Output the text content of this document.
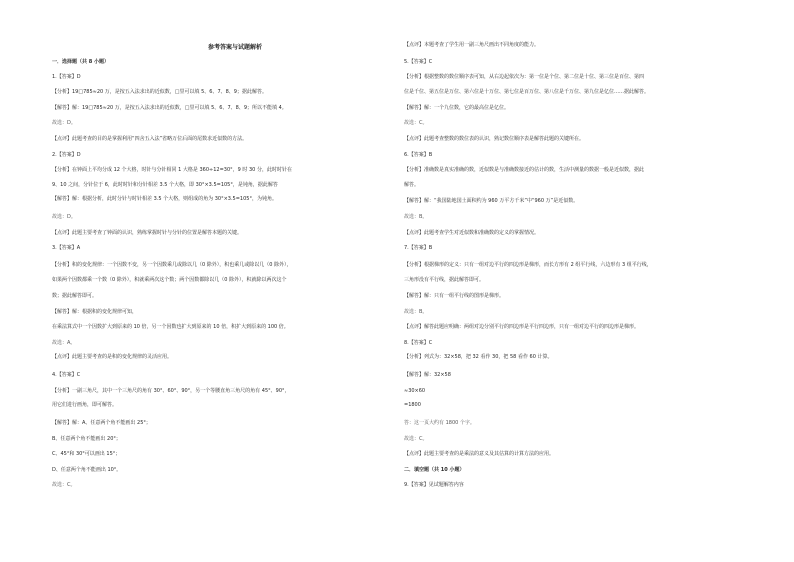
参考答案与试题解析
一．选择题（共 8 小题）
1.【答案】D
【分析】19□785≈20 万，是按五入法求出的近似数，□里可以填 5、6、7、8、9；据此解答。
【解答】解：19□785≈20 万，是按五入法求出的近似数，□里可以填 5、6、7、8、9；所以不能填 4。
故选：D。
【点评】此题考查的目的是掌握利用“四舍五入法”省略万位后面的尾数求近似数的方法。
2.【答案】D
【分析】在钟面上平均分成 12 个大格，时针与分针相同 1 大格是 360÷12=30°，9 时 30 分，此时时针在
9、10 之间，分针位于 6，此时时针和分针相差 3.5 个大格，即 30°×3.5=105°，是钝角，据此解答
【解答】解：根据分析，此时分针与时针相差 3.5 个大格，则组成的角为 30°×3.5=105°，为钝角。
故选：D。
【点评】此题主要考查了钟面的认识，熟练掌握时针与分针的位置是解答本题的关键。
3.【答案】A
【分析】积的变化规律：一个因数不变，另一个因数乘几或除以几（0 除外），积也乘几或除以几（0 除外），
如果两个因数都乘一个数（0 除外），积就乘两次这个数；两个因数都除以几（0 除外），积就除以两次这个
数；据此解答即可。
【解答】解：根据积的变化规律可知，
在乘法算式中一个因数扩大到原来的 10 倍，另一个因数也扩大到原来的 10 倍，积扩大到原来的 100 倍。
故选：A。
【点评】此题主要考查的是积的变化规律的灵活应用。
4.【答案】C
【分析】一副三角尺，其中一个三角尺的角有 30°、60°、90°，另一个等腰直角三角尺的角有 45°、90°，
用它们进行画角，即可解答。
【解答】解：A、任意两个角不能画出 25°；
B、任意两个角不能画出 20°；
C、45°和 30°可以画出 15°；
D、任意两个角不能画出 10°。
故选：C。
【点评】本题考查了学生用一副三角尺画出不同角度的能力。
5.【答案】C
【分析】根据整数的数位顺序表可知，从右边起依次为：第一位是个位、第二位是十位、第三位是百位、第四
位是千位、第五位是万位、第六位是十万位、第七位是百万位、第八位是千万位、第九位是亿位……据此解答。
【解答】解：一个九位数，它的最高位是亿位。
故选：C。
【点评】此题考查整数的数位表的认识，熟记数位顺序表是解答此题的关键所在。
6.【答案】B
【分析】准确数是真实准确的数，近似数是与准确数接近的估计的数，生活中测量的数据一般是近似数，据此
解答。
【解答】解：“我国陆地国土面积约为 960 万平方千米”中“960 万”是近似数。
故选：B。
【点评】此题考查学生对近似数和准确数的定义的掌握情况。
7.【答案】B
【分析】根据梯形的定义：只有一组对边平行的四边形是梯形，而长方形有 2 组平行线，六边形有 3 组平行线，
三角形没有平行线，据此解答即可。
【解答】解：只有一组平行线的图形是梯形。
故选：B。
【点评】解答此题应明确：两组对边分别平行的四边形是平行四边形，只有一组对边平行的四边形是梯形。
8.【答案】C
【分析】列式为：32×58，把 32 看作 30，把 58 看作 60 计算。
【解答】解：32×58
≈30×60
=1800
答：这一页大约有 1800 个字。
故选：C。
【点评】此题主要考查的是乘法的意义及其估算的计算方法的应用。
二．填空题（共 10 小题）
9.【答案】见试题解答内容
